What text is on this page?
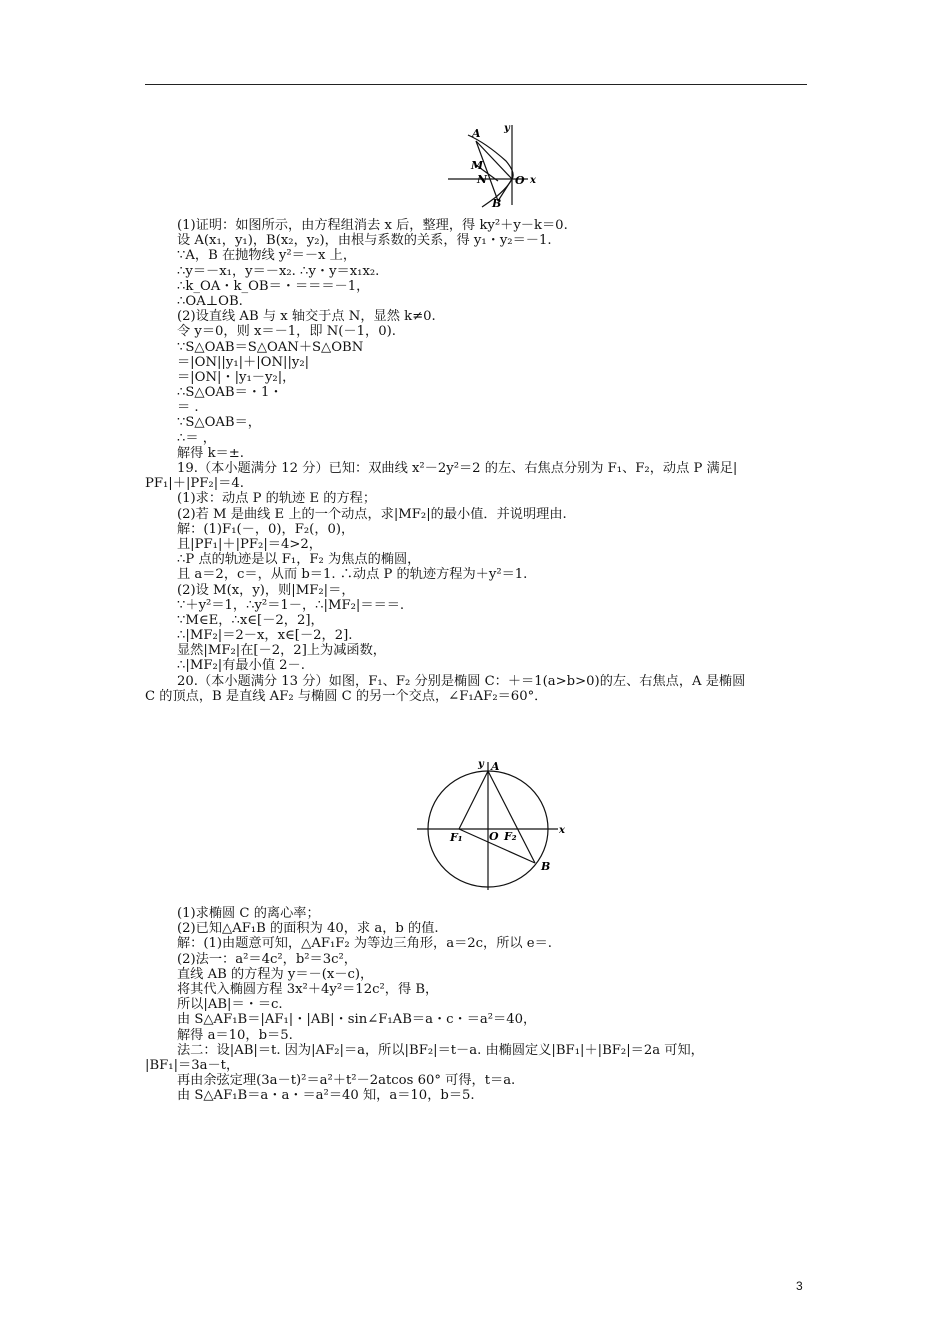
y
x
A
M
N	O
B
(1)证明：如图所示，由方程组消去 x 后，整理，得 ky²＋y－k＝0.
设 A(x₁，y₁)，B(x₂，y₂)，由根与系数的关系，得 y₁・y₂＝－1.
∵A，B 在抛物线 y²＝－x 上，
∴y＝－x₁，y＝－x₂. ∴y・y＝x₁x₂.
∴k_OA・k_OB＝・＝＝＝－1，
∴OA⊥OB.
(2)设直线 AB 与 x 轴交于点 N，显然 k≠0.
令 y＝0，则 x＝－1，即 N(－1，0).
∵S△OAB＝S△OAN＋S△OBN
＝|ON||y₁|＋|ON||y₂|
＝|ON|・|y₁－y₂|，
∴S△OAB＝・1・
＝ .
∵S△OAB＝，
∴＝ ，
解得 k＝±.
19.（本小题满分 12 分）已知：双曲线 x²－2y²＝2 的左、右焦点分别为 F₁、F₂，动点 P 满足|
PF₁|＋|PF₂|＝4.
(1)求：动点 P 的轨迹 E 的方程；
(2)若 M 是曲线 E 上的一个动点，求|MF₂|的最小值．并说明理由.
解：(1)F₁(－，0)，F₂(，0)，
且|PF₁|＋|PF₂|＝4>2，
∴P 点的轨迹是以 F₁，F₂ 为焦点的椭圆，
且 a＝2，c＝，从而 b＝1. ∴动点 P 的轨迹方程为＋y²＝1.
(2)设 M(x，y)，则|MF₂|＝，
∵＋y²＝1，∴y²＝1－，∴|MF₂|＝＝＝.
∵M∈E，∴x∈[－2，2]，
∴|MF₂|＝2－x，x∈[－2，2].
显然|MF₂|在[－2，2]上为减函数，
∴|MF₂|有最小值 2－.
20.（本小题满分 13 分）如图，F₁、F₂ 分别是椭圆 C：＋＝1(a>b>0)的左、右焦点，A 是椭圆
C 的顶点，B 是直线 AF₂ 与椭圆 C 的另一个交点，∠F₁AF₂＝60°．
y A
F₁ O F₂	x
B
(1)求椭圆 C 的离心率；
(2)已知△AF₁B 的面积为 40，求 a，b 的值.
解：(1)由题意可知，△AF₁F₂ 为等边三角形，a＝2c，所以 e＝.
(2)法一：a²＝4c²，b²＝3c²，
直线 AB 的方程为 y＝－(x－c)，
将其代入椭圆方程 3x²＋4y²＝12c²，得 B，
所以|AB|＝・＝c.
由 S△AF₁B＝|AF₁|・|AB|・sin∠F₁AB＝a・c・＝a²＝40，
解得 a＝10，b＝5.
法二：设|AB|＝t. 因为|AF₂|＝a，所以|BF₂|＝t－a. 由椭圆定义|BF₁|＋|BF₂|＝2a 可知，
|BF₁|＝3a－t，
再由余弦定理(3a－t)²＝a²＋t²－2atcos 60° 可得，t＝a.
由 S△AF₁B＝a・a・＝a²＝40 知，a＝10，b＝5.
3
